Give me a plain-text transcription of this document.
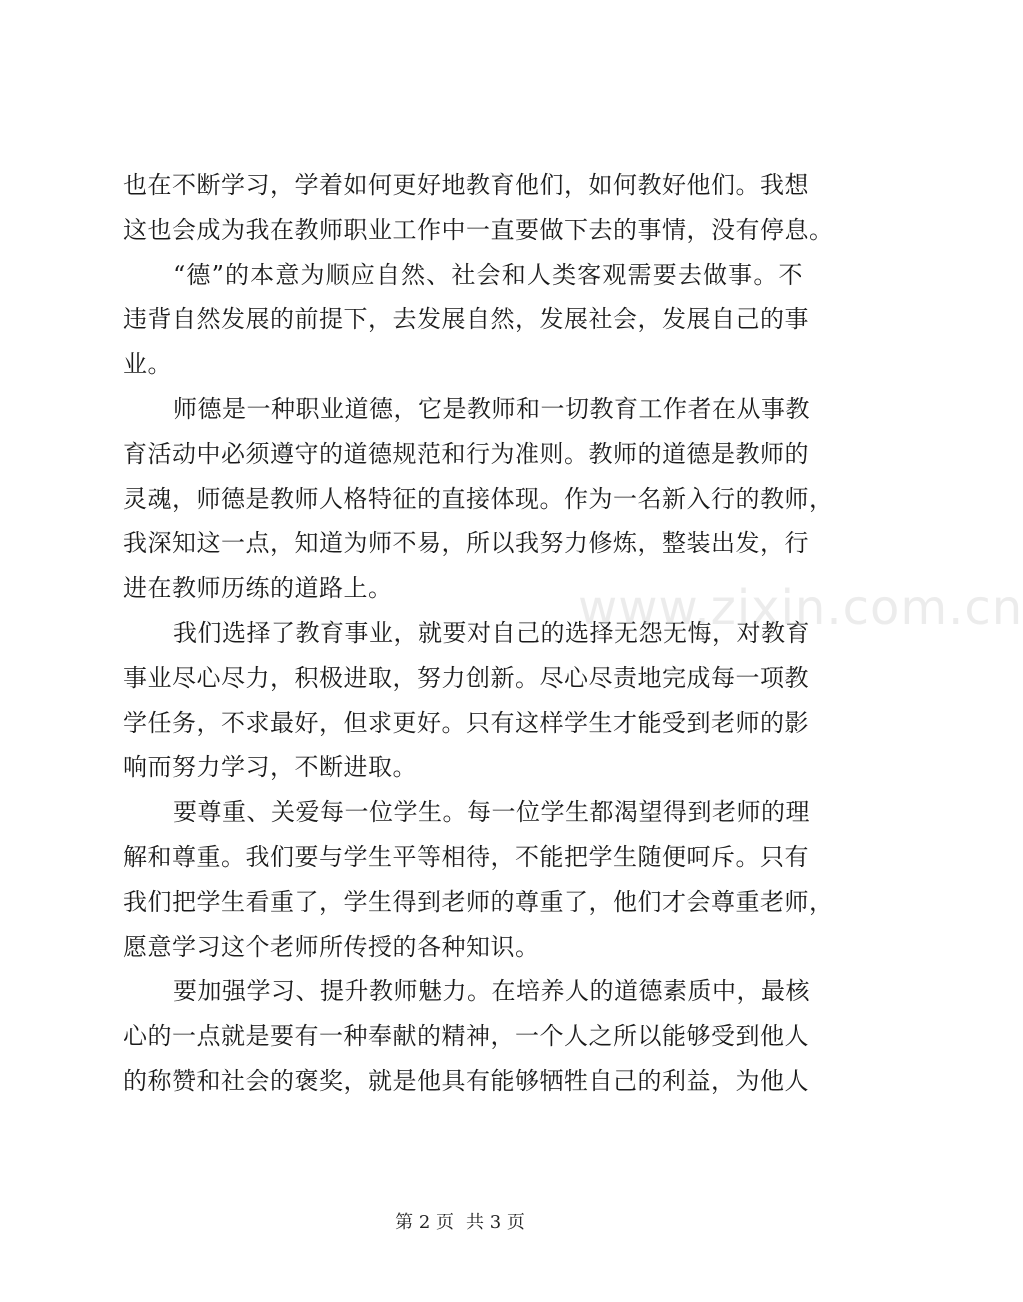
也在不断学习，学着如何更好地教育他们，如何教好他们。我想
这也会成为我在教师职业工作中一直要做下去的事情，没有停息。
“德”的本意为顺应自然、社会和人类客观需要去做事。不
违背自然发展的前提下，去发展自然，发展社会，发展自己的事
业。
师德是一种职业道德，它是教师和一切教育工作者在从事教
育活动中必须遵守的道德规范和行为准则。教师的道德是教师的
灵魂，师德是教师人格特征的直接体现。作为一名新入行的教师，
我深知这一点，知道为师不易，所以我努力修炼，整装出发，行
进在教师历练的道路上。
我们选择了教育事业，就要对自己的选择无怨无悔，对教育
事业尽心尽力，积极进取，努力创新。尽心尽责地完成每一项教
学任务，不求最好，但求更好。只有这样学生才能受到老师的影
响而努力学习，不断进取。
要尊重、关爱每一位学生。每一位学生都渴望得到老师的理
解和尊重。我们要与学生平等相待，不能把学生随便呵斥。只有
我们把学生看重了，学生得到老师的尊重了，他们才会尊重老师，
愿意学习这个老师所传授的各种知识。
要加强学习、提升教师魅力。在培养人的道德素质中，最核
心的一点就是要有一种奉献的精神，一个人之所以能够受到他人
的称赞和社会的褒奖，就是他具有能够牺牲自己的利益，为他人
www.zixin.com.cn
第 2 页 共 3 页
